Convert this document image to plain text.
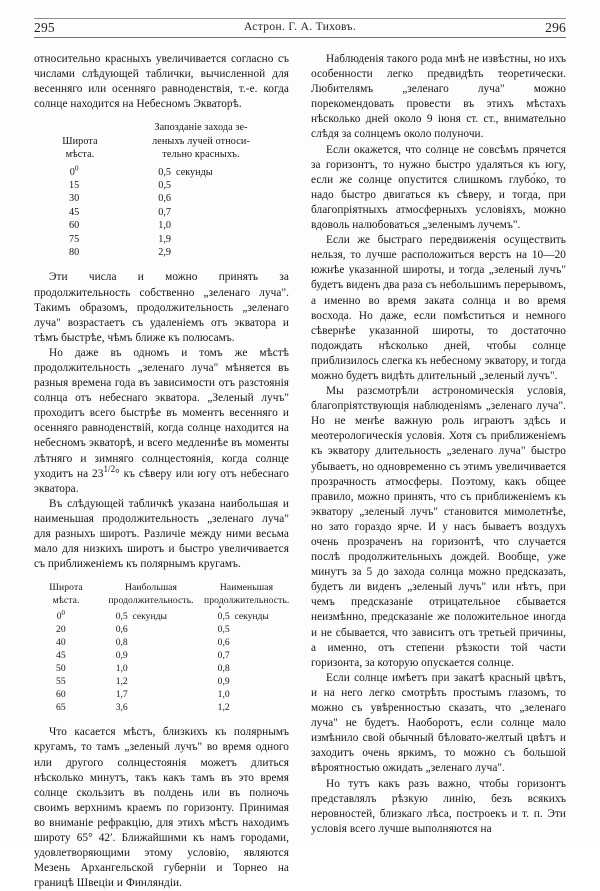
295	Астрон. Г. А. Тиховъ.	296

относительно красныхъ увеличивается согласно съ числами слѣдующей таблички, вычисленной для весенняго или осенняго равноденствія, т.-е. когда солнце находится на Небесномъ Экваторѣ.

Широта
мѣста.
Запозданіе захода зе-
леныхъ лучей относи-
тельно красныхъ.
$0^0$	0,5 секунды
15	0,5
30	0,6
45	0,7
60	1,0
75	1,9
80	2,9

Эти числа и можно принять за продолжительность собственно „зеленаго луча". Такимъ образомъ, продолжительность „зеленаго луча" возрастаетъ съ удаленіемъ отъ экватора и тѣмъ быстрѣе, чѣмъ ближе къ полюсамъ.

Но даже въ одномъ и томъ же мѣстѣ продолжительность „зеленаго луча" мѣняется въ разныя времена года въ зависимости отъ разстоянія солнца отъ небеснаго экватора. „Зеленый лучъ" проходитъ всего быстрѣе въ моментъ весенняго и осенняго равноденствій, когда солнце находится на небесномъ экваторѣ, и всего медленнѣе въ моменты лѣтняго и зимняго солнцестоянія, когда солнце уходитъ на $23^{1/2}^\circ$ къ сѣверу или югу отъ небеснаго экватора.

Въ слѣдующей табличкѣ указана наибольшая и наименьшая продолжительность „зеленаго луча" для разныхъ широтъ. Различіе между ними весьма мало для низкихъ широтъ и быстро увеличивается съ приближеніемъ къ полярнымъ кругамъ.

Широта
мѣста.
Наибольшая
продолжительность.
Наименьшая
продолжительность.
$0^0$	0,5 секунды	0,5 секунды
20	0,6	0,5
40	0,8	0,6
45	0,9	0,7
50	1,0	0,8
55	1,2	0,9
60	1,7	1,0
65	3,6	1,2

Что касается мѣстъ, близкихъ къ полярнымъ кругамъ, то тамъ „зеленый лучъ" во время одного или другого солнцестоянія можетъ длиться нѣсколько минутъ, такъ какъ тамъ въ это время солнце скользитъ въ полдень или въ полночь своимъ верхнимъ краемъ по горизонту. Принимая во вниманіе рефракцію, для этихъ мѣстъ находимъ широту 65° 42′. Ближайшими къ намъ городами, удовлетворяющими этому условію, являются Мезень Архангельской губерніи и Торнео на границѣ Швеціи и Финляндіи.

Наблюденія такого рода мнѣ не извѣстны, но ихъ особенности легко предвидѣть теоретически. Любителямъ „зеленаго луча" можно порекомендовать провести въ этихъ мѣстахъ нѣсколько дней около 9 іюня ст. ст., внимательно слѣдя за солнцемъ около полуночи.

Если окажется, что солнце не совсѣмъ прячется за горизонтъ, то нужно быстро удаляться къ югу, если же солнце опустится слишкомъ глубо́ко, то надо быстро двигаться къ сѣверу, и тогда, при благопріятныхъ атмосферныхъ условіяхъ, можно вдоволь налюбоваться „зеленымъ лучемъ".

Если же быстраго передвиженія осуществить нельзя, то лучше расположиться верстъ на 10—20 южнѣе указанной широты, и тогда „зеленый лучъ" будетъ виденъ два раза съ небольшимъ перерывомъ, а именно во время заката солнца и во время восхода. Но даже, если помѣститься и немного сѣвернѣе указанной широты, то достаточно подождать нѣсколько дней, чтобы солнце приблизилось слегка къ небесному экватору, и тогда можно будетъ видѣть длительный „зеленый лучъ".

Мы разсмотрѣли астрономическія условія, благопріятствующія наблюденіямъ „зеленаго луча". Но не менѣе важную роль играютъ здѣсь и меотерологическія условія. Хотя съ приближеніемъ къ экватору длительноcть „зеленаго луча" быстро убываетъ, но одновременно съ этимъ увеличивается прозрачность атмосферы. Поэтому, какъ общее правило, можно принять, что съ приближеніемъ къ экватору „зеленый лучъ" становится мимолетнѣе, но зато гораздо ярче. И у насъ бываетъ воздухъ очень прозраченъ на горизонтѣ, что случается послѣ продолжительныхъ дождей. Вообще, уже минутъ за 5 до захода солнца можно предсказать, будетъ ли виденъ „зеленый лучъ" или нѣтъ, при чемъ предсказаніе отрицательное сбывается неизмѣнно, предсказаніе же положительное иногда и не сбывается, что зависитъ отъ третьей причины, а именно, отъ степени рѣзкости той части горизонта, за которую опускается солнце.

Если солнце имѣетъ при закатѣ красный цвѣтъ, и на него легко смотрѣть простымъ глазомъ, то можно съ увѣренностью сказать, что „зеленаго луча" не будетъ. Наоборотъ, если солнце мало измѣнило свой обычный бѣловато-желтый цвѣтъ и заходитъ очень яркимъ, то можно съ большой вѣроятностью ожидать „зеленаго луча".

Но тутъ какъ разъ важно, чтобы горизонтъ представлялъ рѣзкую линію, безъ всякихъ неровностей, близкаго лѣса, построекъ и т. п. Эти условія всего лучше выполняются на
